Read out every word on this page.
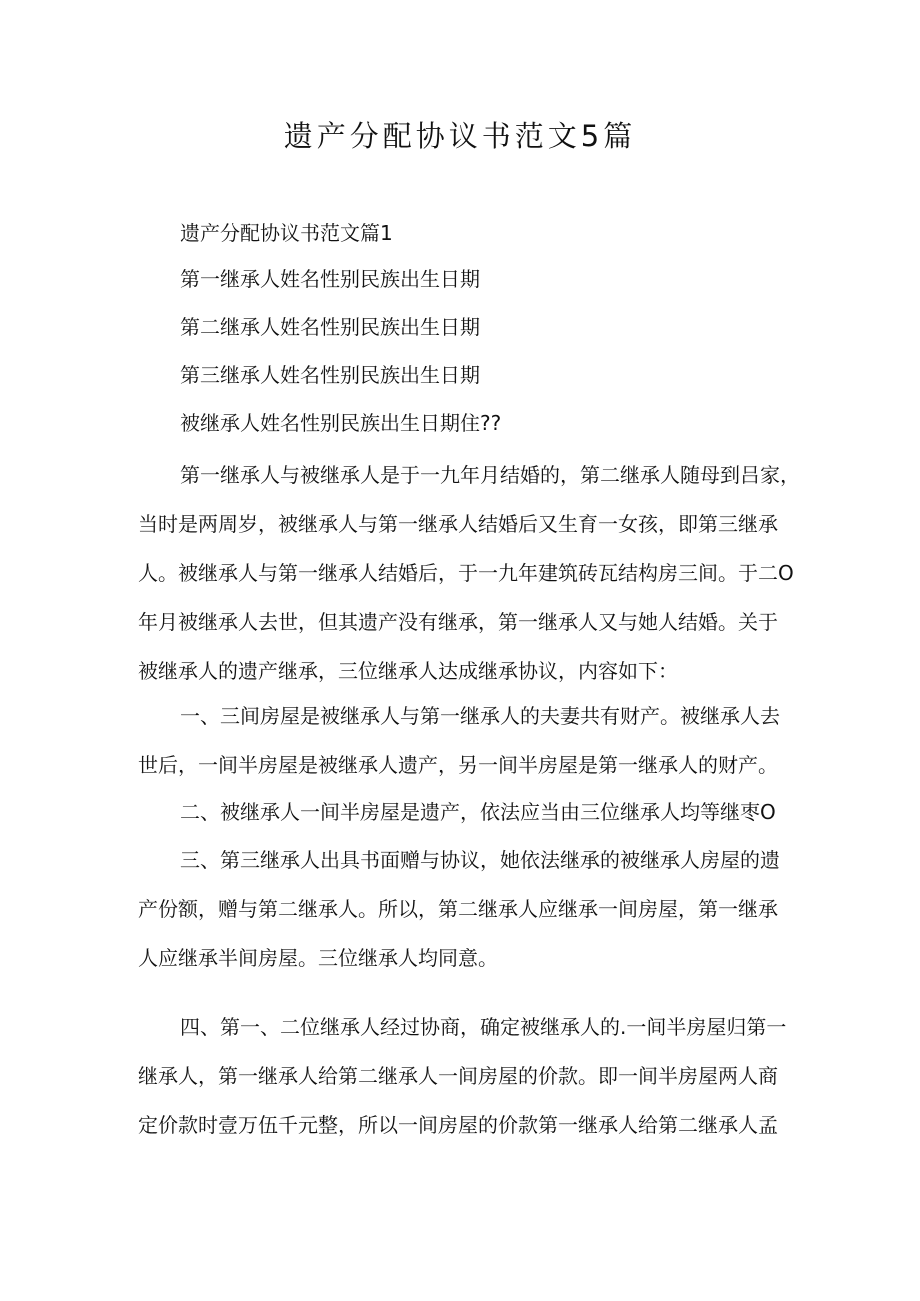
遗产分配协议书范文5篇
遗产分配协议书范文篇1
第一继承人姓名性别民族出生日期
第二继承人姓名性别民族出生日期
第三继承人姓名性别民族出生日期
被继承人姓名性别民族出生日期住??
第一继承人与被继承人是于一九年月结婚的，第二继承人随母到吕家，
当时是两周岁，被继承人与第一继承人结婚后又生育一女孩，即第三继承
人。被继承人与第一继承人结婚后，于一九年建筑砖瓦结构房三间。于二O
年月被继承人去世，但其遗产没有继承，第一继承人又与她人结婚。关于
被继承人的遗产继承，三位继承人达成继承协议，内容如下：
一、三间房屋是被继承人与第一继承人的夫妻共有财产。被继承人去
世后，一间半房屋是被继承人遗产，另一间半房屋是第一继承人的财产。
二、被继承人一间半房屋是遗产，依法应当由三位继承人均等继枣O
三、第三继承人出具书面赠与协议，她依法继承的被继承人房屋的遗
产份额，赠与第二继承人。所以，第二继承人应继承一间房屋，第一继承
人应继承半间房屋。三位继承人均同意。
四、第一、二位继承人经过协商，确定被继承人的.一间半房屋归第一
继承人，第一继承人给第二继承人一间房屋的价款。即一间半房屋两人商
定价款时壹万伍千元整，所以一间房屋的价款第一继承人给第二继承人孟
